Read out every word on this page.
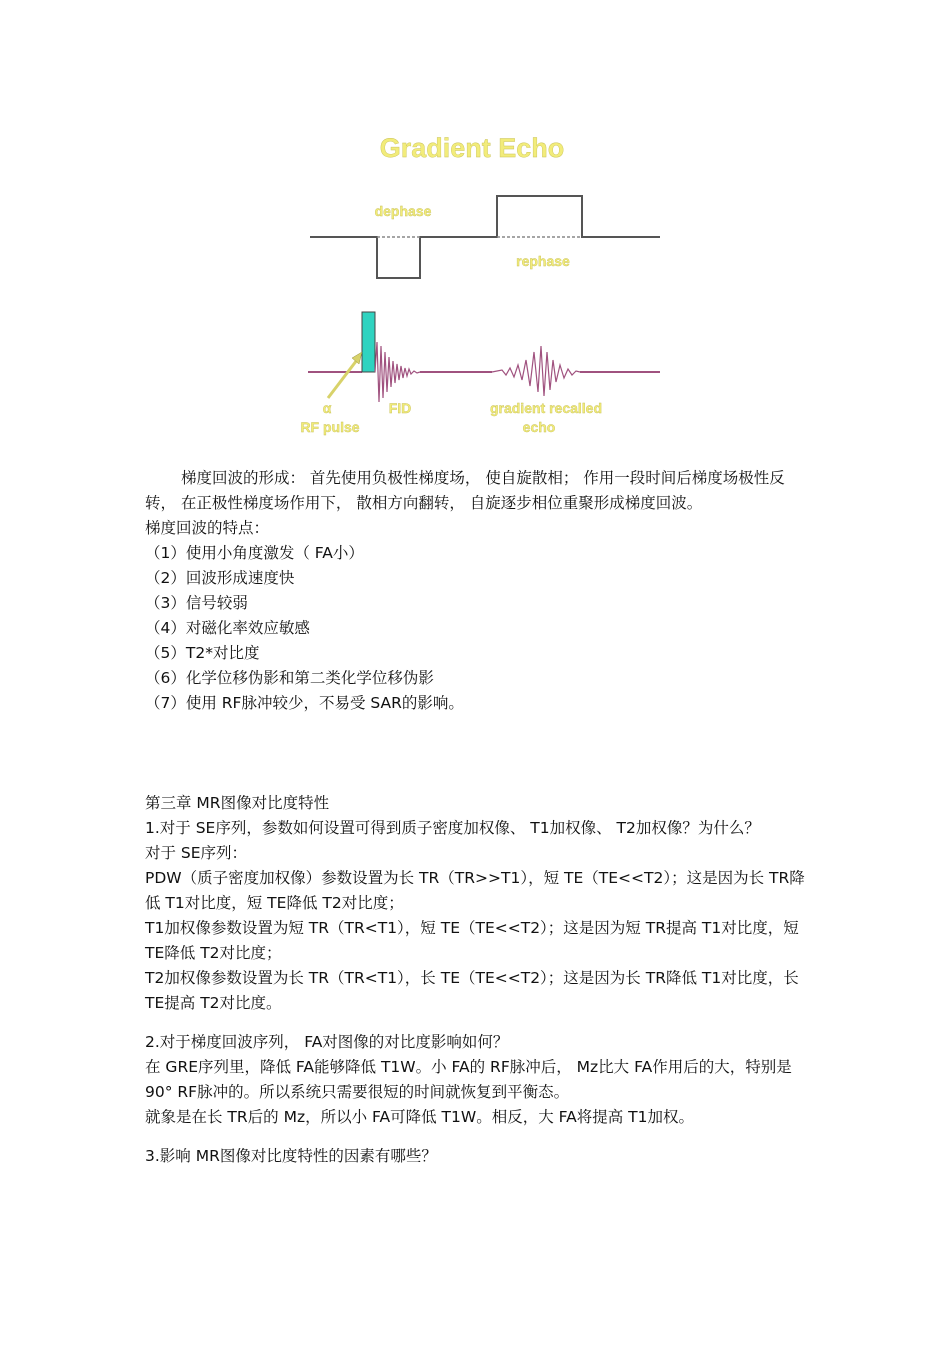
Gradient Echo
dephase
rephase
α
RF pulse
FID	gradient recalled
echo
梯度回波的形成： 首先使用负极性梯度场， 使自旋散相； 作用一段时间后梯度场极性反转， 在正极性梯度场作用下， 散相方向翻转， 自旋逐步相位重聚形成梯度回波。
梯度回波的特点：
（1）使用小角度激发（ FA小）
（2）回波形成速度快
（3）信号较弱
（4）对磁化率效应敏感
（5）T2*对比度
（6）化学位移伪影和第二类化学位移伪影
（7）使用 RF脉冲较少，不易受 SAR的影响。
第三章 MR图像对比度特性
1.对于 SE序列，参数如何设置可得到质子密度加权像、 T1加权像、 T2加权像？为什么？
对于 SE序列：
PDW（质子密度加权像）参数设置为长 TR（TR>>T1），短 TE（TE<<T2）；这是因为长 TR降低 T1对比度，短 TE降低 T2对比度；
T1加权像参数设置为短 TR（TR<T1），短 TE（TE<<T2）；这是因为短 TR提高 T1对比度，短 TE降低 T2对比度；
T2加权像参数设置为长 TR（TR<T1），长 TE（TE<<T2）；这是因为长 TR降低 T1对比度，长 TE提高 T2对比度。
2.对于梯度回波序列， FA对图像的对比度影响如何？
在 GRE序列里，降低 FA能够降低 T1W。小 FA的 RF脉冲后， Mz比大 FA作用后的大，特别是 90° RF脉冲的。所以系统只需要很短的时间就恢复到平衡态。
就象是在长 TR后的 Mz，所以小 FA可降低 T1W。相反，大 FA将提高 T1加权。
3.影响 MR图像对比度特性的因素有哪些？
